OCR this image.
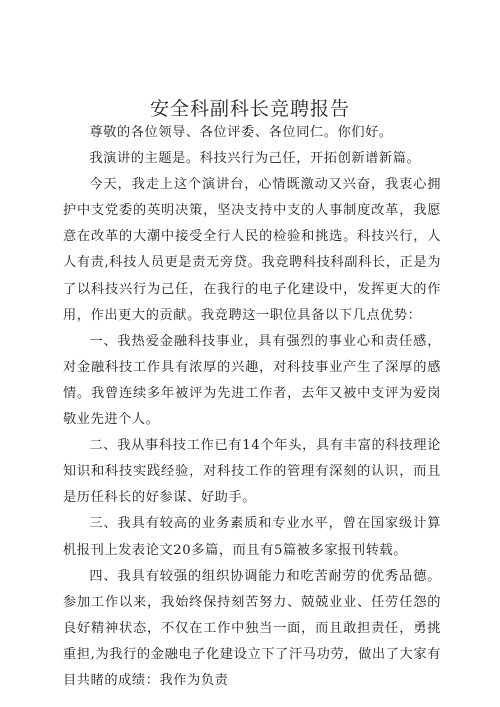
安全科副科长竞聘报告

尊敬的各位领导、各位评委、各位同仁。你们好。

我演讲的主题是。科技兴行为己任，开拓创新谱新篇。

今天，我走上这个演讲台，心情既激动又兴奋，我衷心拥护中支党委的英明决策，坚决支持中支的人事制度改革，我愿意在改革的大潮中接受全行人民的检验和挑选。科技兴行，人人有责,科技人员更是责无旁贷。我竞聘科技科副科长，正是为了以科技兴行为己任，在我行的电子化建设中，发挥更大的作用，作出更大的贡献。我竞聘这一职位具备以下几点优势：

一、我热爱金融科技事业，具有强烈的事业心和责任感，对金融科技工作具有浓厚的兴趣，对科技事业产生了深厚的感情。我曾连续多年被评为先进工作者，去年又被中支评为爱岗敬业先进个人。

二、我从事科技工作已有14个年头，具有丰富的科技理论知识和科技实践经验，对科技工作的管理有深刻的认识，而且是历任科长的好参谋、好助手。

三、我具有较高的业务素质和专业水平，曾在国家级计算机报刊上发表论文20多篇，而且有5篇被多家报刊转载。

四、我具有较强的组织协调能力和吃苦耐劳的优秀品德。参加工作以来，我始终保持刻苦努力、兢兢业业、任劳任怨的良好精神状态，不仅在工作中独当一面，而且敢担责任，勇挑重担,为我行的金融电子化建设立下了汗马功劳，做出了大家有目共睹的成绩：我作为负责
